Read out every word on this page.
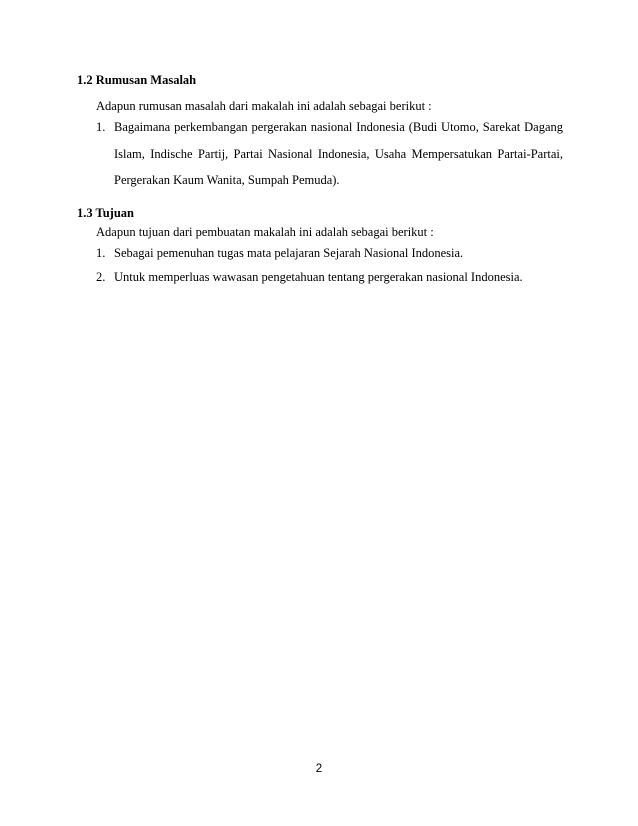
1.2 Rumusan Masalah
Adapun rumusan masalah dari makalah ini adalah sebagai berikut :
1. Bagaimana perkembangan pergerakan nasional Indonesia (Budi Utomo, Sarekat Dagang Islam, Indische Partij, Partai Nasional Indonesia, Usaha Mempersatukan Partai-Partai, Pergerakan Kaum Wanita, Sumpah Pemuda).
1.3 Tujuan
Adapun tujuan dari pembuatan makalah ini adalah sebagai berikut :
1. Sebagai pemenuhan tugas mata pelajaran Sejarah Nasional Indonesia.
2. Untuk memperluas wawasan pengetahuan tentang pergerakan nasional Indonesia.
2
